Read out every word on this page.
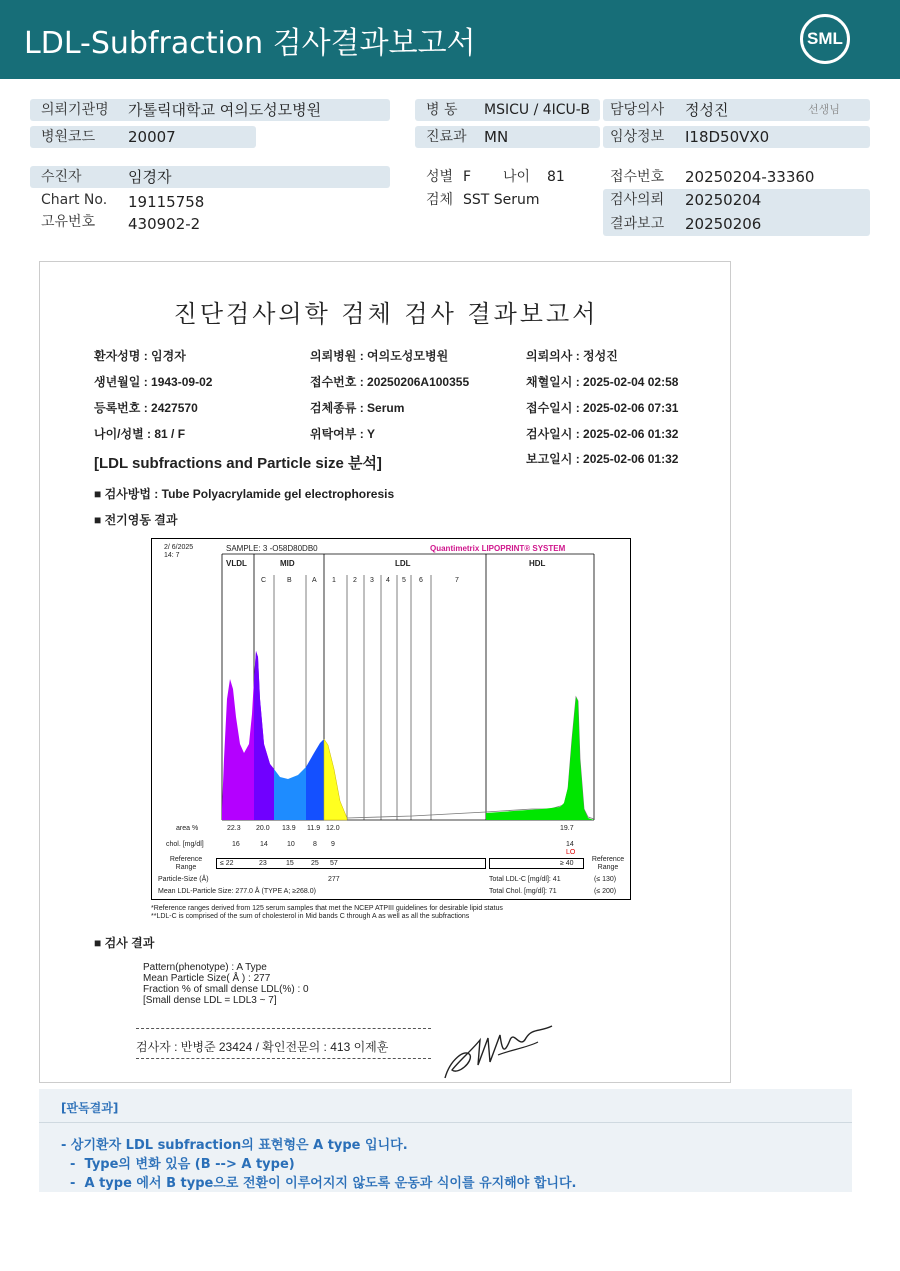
LDL-Subfraction 검사결과보고서	SML
의뢰기관명 가톨릭대학교 여의도성모병원
병원코드 20007
병 동 MSICU / 4ICU-B
진료과 MN
담당의사 정성진	선생님
임상정보 I18D50VX0
수진자	임경자
Chart No. 19115758
고유번호 430902-2
성별 F 나이 81
검체 SST Serum
접수번호 20250204-33360
검사의뢰 20250204
결과보고 20250206
진단검사의학 검체 검사 결과보고서
환자성명 : 임경자	의뢰병원 : 여의도성모병원	의뢰의사 : 정성진
생년월일 : 1943-09-02	접수번호 : 20250206A100355	채혈일시 : 2025-02-04 02:58
등록번호 : 2427570	검체종류 : Serum	접수일시 : 2025-02-06 07:31
나이/성별 : 81 / F	위탁여부 : Y	검사일시 : 2025-02-06 01:32
보고일시 : 2025-02-06 01:32
[LDL subfractions and Particle size 분석]
■ 검사방법 : Tube Polyacrylamide gel electrophoresis
■ 전기영동 결과
2/ 6/2025
14: 7
SAMPLE: 3 -O58D80DB0	Quantimetrix LIPOPRINT® SYSTEM
VLDL	MID	LDL	HDL
C	B	A 1 2 3 4 5 6	7
area %	22.3 20.0 13.9 11.9 12.0	19.7
chol. [mg/dl]	16	14	10	8 9	14
LO
Reference Range
≤ 22	23	15 25 57	≥ 40
Reference Range
Particle-Size (Å)	277
Mean LDL-Particle Size: 277.0 Å (TYPE A; ≥268.0)
Total LDL-C [mg/dl]: 41	(≤ 130)
Total Chol. [mg/dl]: 71	(≤ 200)
*Reference ranges derived from 125 serum samples that met the NCEP ATPIII guidelines for desirable lipid status
**LDL-C is comprised of the sum of cholesterol in Mid bands C through A as well as all the subfractions
■ 검사 결과
Pattern(phenotype) : A Type
Mean Particle Size( Å ) : 277
Fraction % of small dense LDL(%) : 0
[Small dense LDL = LDL3 ~ 7]
검사자 : 반병준 23424 / 확인전문의 : 413 이제훈
[판독결과]
- 상기환자 LDL subfraction의 표현형은 A type 입니다.
-  Type의 변화 있음 (B --> A type)
-  A type 에서 B type으로 전환이 이루어지지 않도록 운동과 식이를 유지해야 합니다.
